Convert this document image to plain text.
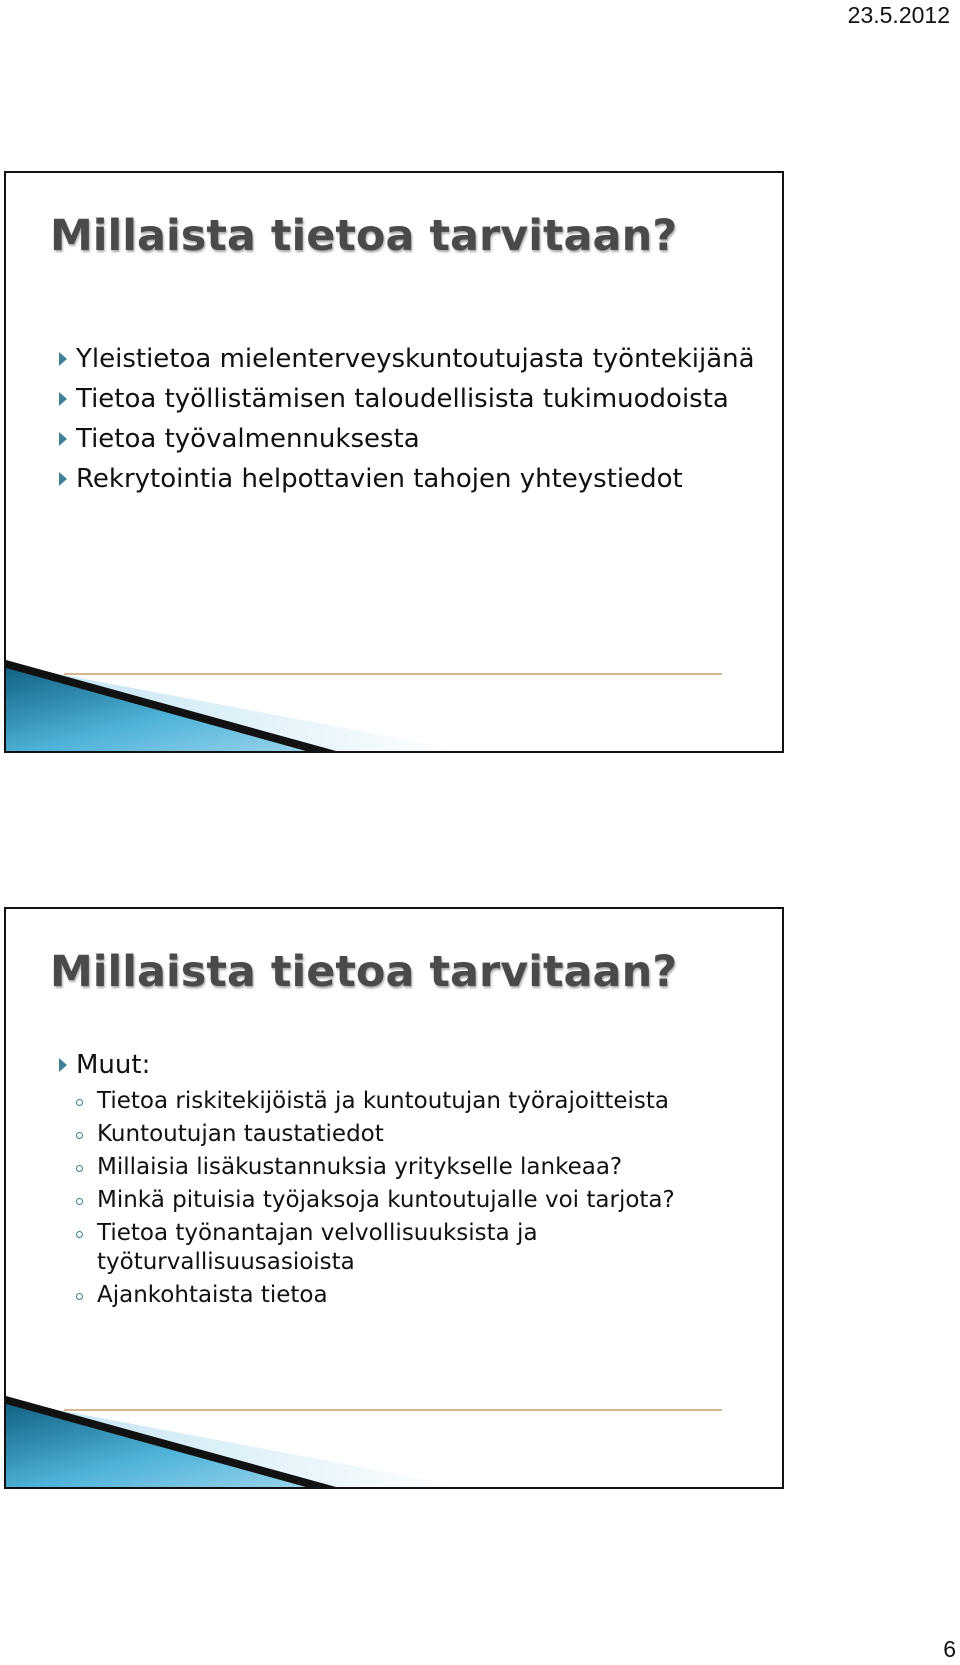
23.5.2012
Millaista tietoa tarvitaan?
Yleistietoa mielenterveyskuntoutujasta työntekijänä
Tietoa työllistämisen taloudellisista tukimuodoista
Tietoa työvalmennuksesta
Rekrytointia helpottavien tahojen yhteystiedot
Millaista tietoa tarvitaan?
Muut:
Tietoa riskitekijöistä ja kuntoutujan työrajoitteista
Kuntoutujan taustatiedot
Millaisia lisäkustannuksia yritykselle lankeaa?
Minkä pituisia työjaksoja kuntoutujalle voi tarjota?
Tietoa työnantajan velvollisuuksista ja työturvallisuusasioista
Ajankohtaista tietoa
6
